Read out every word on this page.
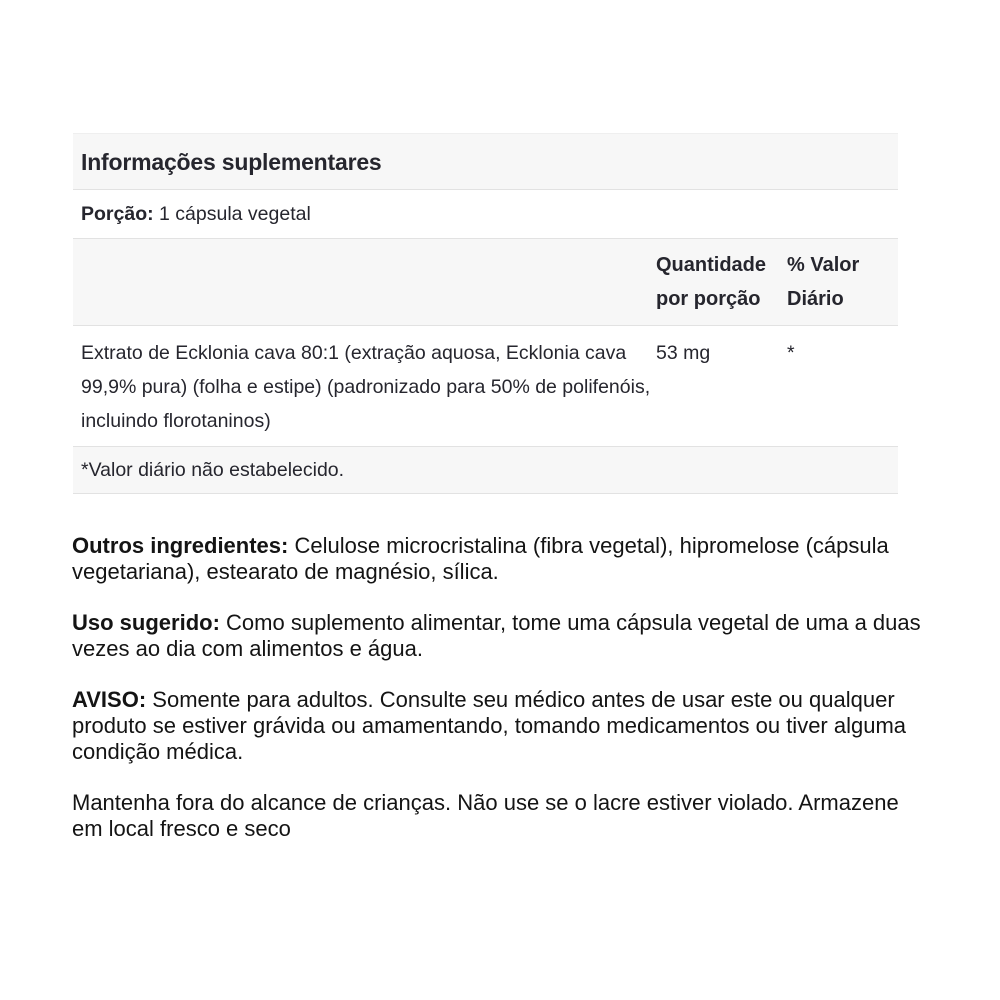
Informações suplementares
Porção: 1 cápsula vegetal
Quantidade
por porção
% Valor
Diário
Extrato de Ecklonia cava 80:1 (extração aquosa, Ecklonia cava 99,9% pura) (folha e estipe) (padronizado para 50% de polifenóis, incluindo florotaninos)
53 mg	*
*Valor diário não estabelecido.

Outros ingredientes: Celulose microcristalina (fibra vegetal), hipromelose (cápsula vegetariana), estearato de magnésio, sílica.

Uso sugerido: Como suplemento alimentar, tome uma cápsula vegetal de uma a duas vezes ao dia com alimentos e água.

AVISO: Somente para adultos. Consulte seu médico antes de usar este ou qualquer produto se estiver grávida ou amamentando, tomando medicamentos ou tiver alguma condição médica.

Mantenha fora do alcance de crianças. Não use se o lacre estiver violado. Armazene em local fresco e seco
